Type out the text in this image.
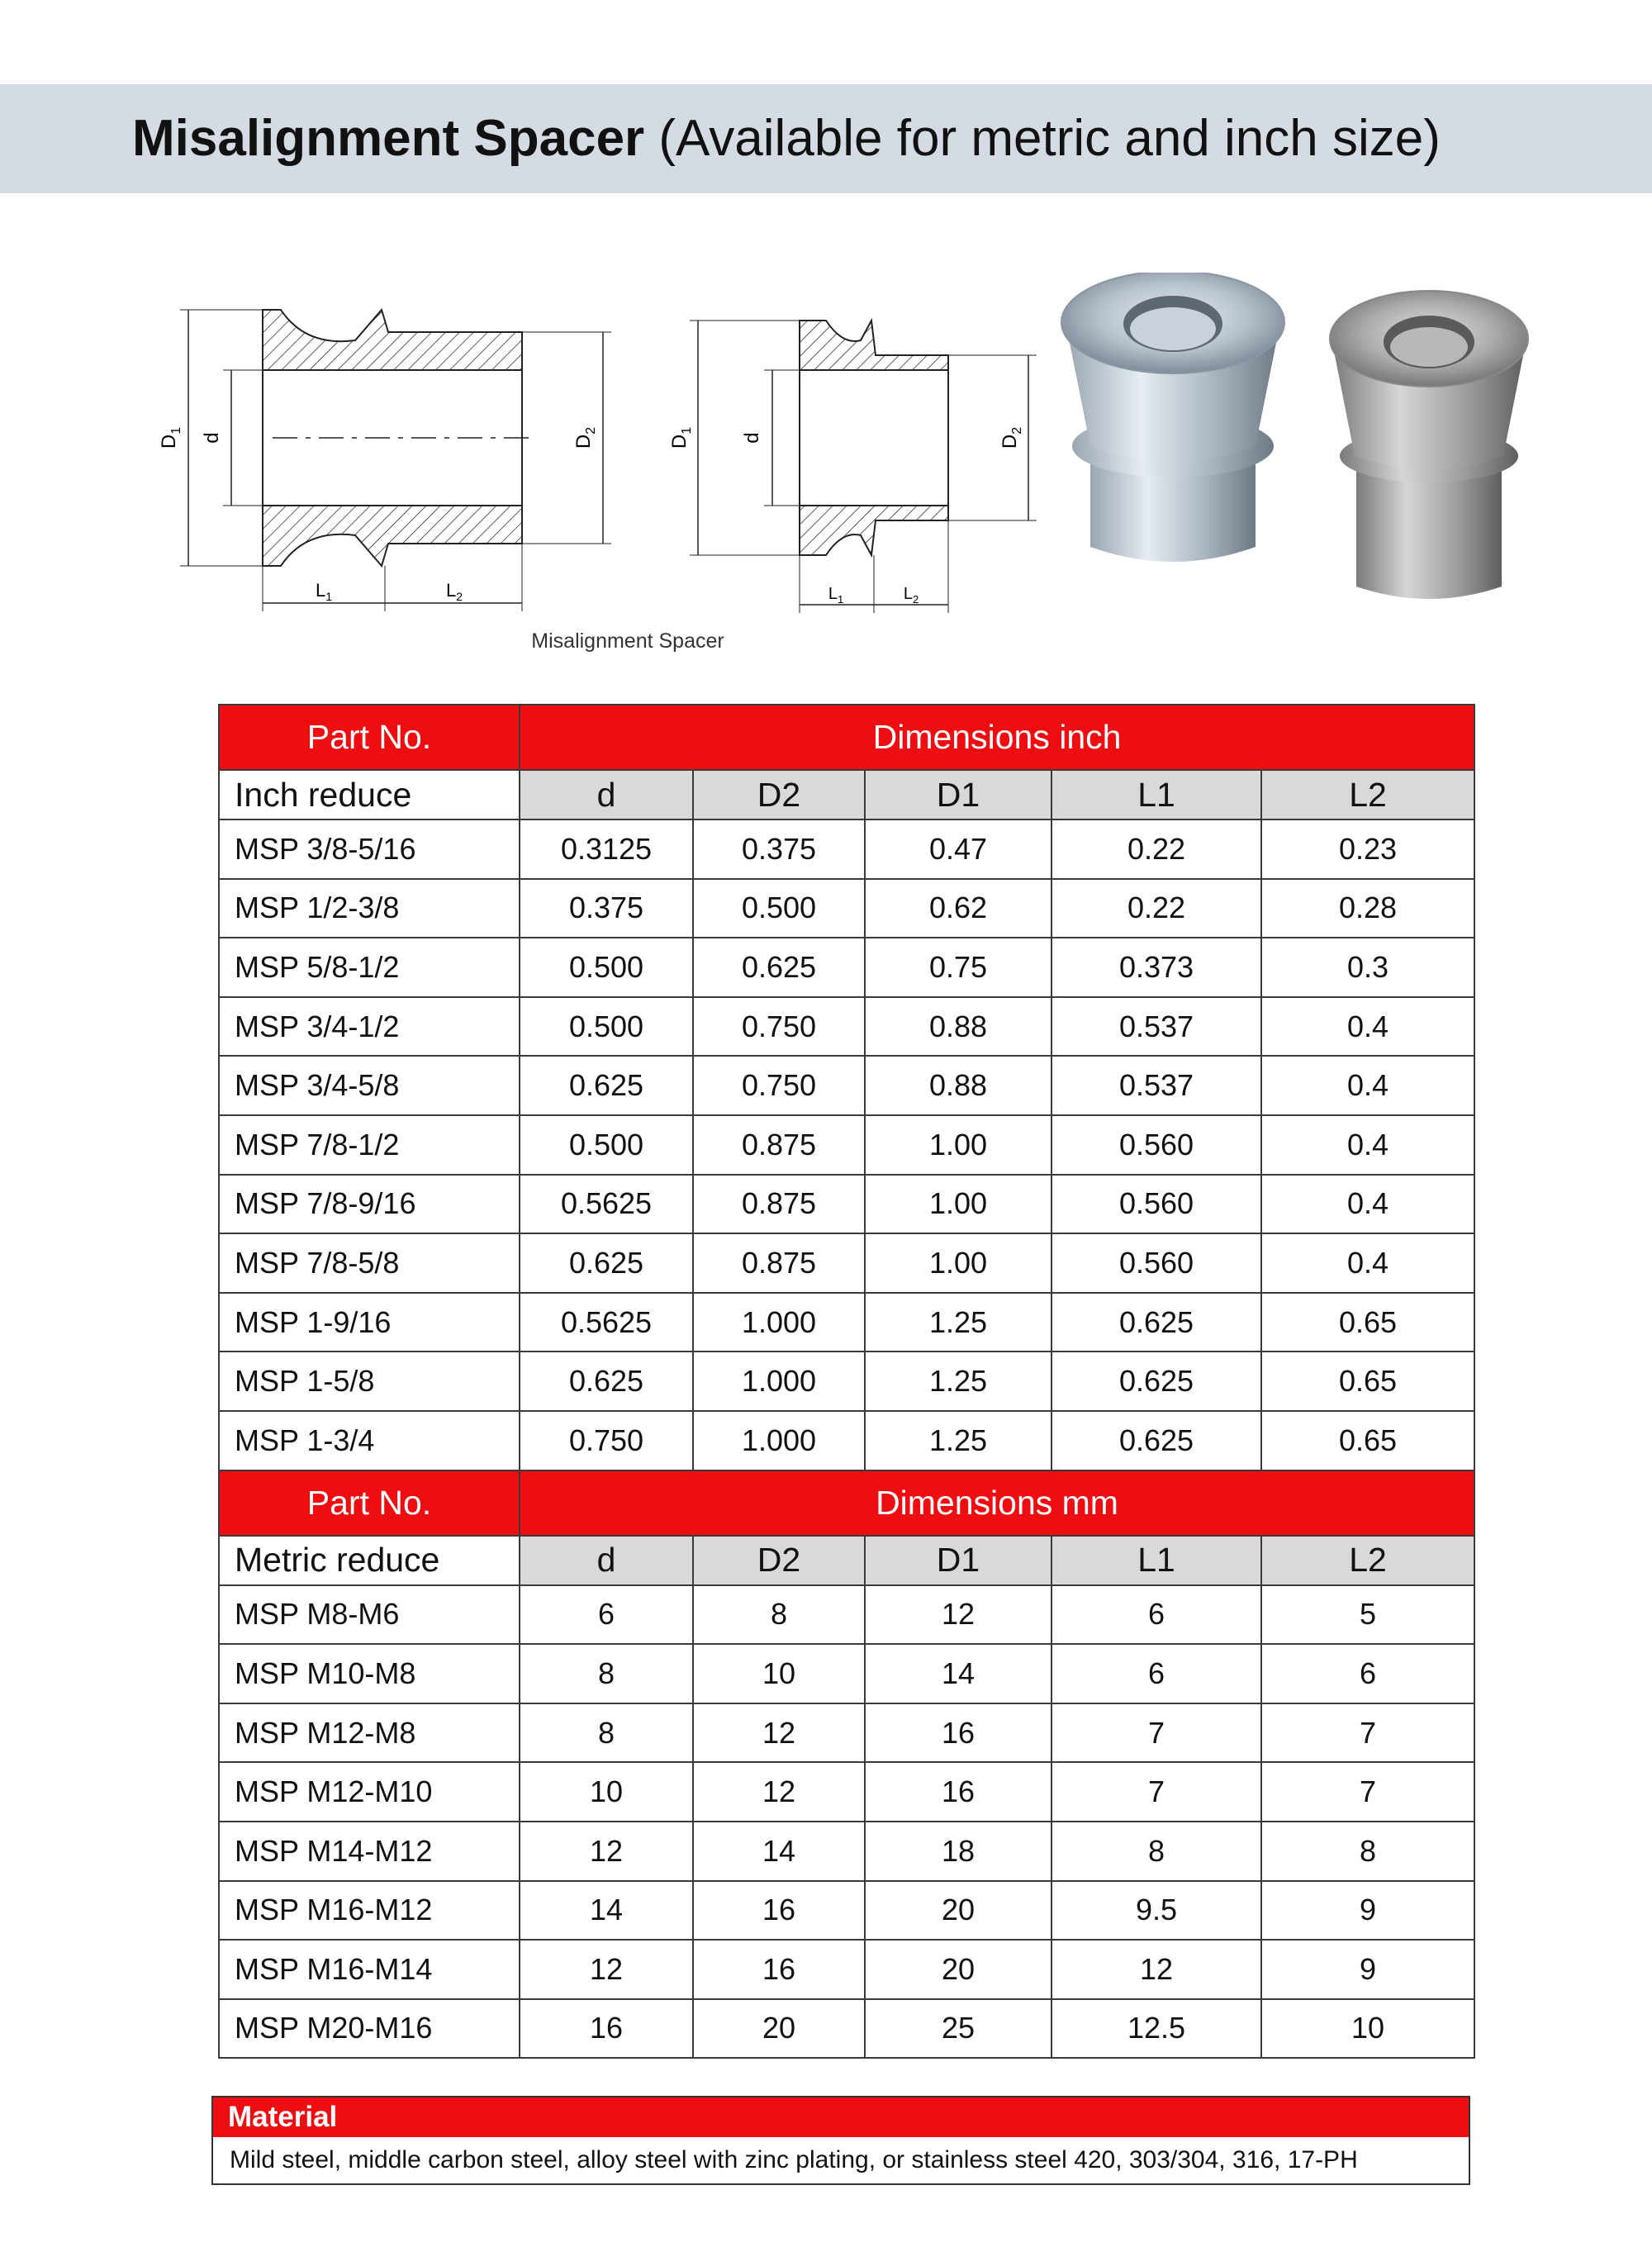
Misalignment Spacer (Available for metric and inch size)
$D_1$
d	$D_2$
$L_1$	$L_2$
$D_1$
d	$D_2$
$L_1$	$L_2$
Misalignment Spacer
Part No.	Dimensions inch				
Inch reduce	d	D2	D1	L1	L2
MSP 3/8-5/16	0.3125	0.375	0.47	0.22	0.23
MSP 1/2-3/8	0.375	0.500	0.62	0.22	0.28
MSP 5/8-1/2	0.500	0.625	0.75	0.373	0.3
MSP 3/4-1/2	0.500	0.750	0.88	0.537	0.4
MSP 3/4-5/8	0.625	0.750	0.88	0.537	0.4
MSP 7/8-1/2	0.500	0.875	1.00	0.560	0.4
MSP 7/8-9/16	0.5625	0.875	1.00	0.560	0.4
MSP 7/8-5/8	0.625	0.875	1.00	0.560	0.4
MSP 1-9/16	0.5625	1.000	1.25	0.625	0.65
MSP 1-5/8	0.625	1.000	1.25	0.625	0.65
MSP 1-3/4	0.750	1.000	1.25	0.625	0.65
Part No.	Dimensions mm				
Metric reduce	d	D2	D1	L1	L2
MSP M8-M6	6	8	12	6	5
MSP M10-M8	8	10	14	6	6
MSP M12-M8	8	12	16	7	7
MSP M12-M10	10	12	16	7	7
MSP M14-M12	12	14	18	8	8
MSP M16-M12	14	16	20	9.5	9
MSP M16-M14	12	16	20	12	9
MSP M20-M16	16	20	25	12.5	10
Material
Mild steel, middle carbon steel, alloy steel with zinc plating, or stainless steel 420, 303/304, 316, 17-PH
